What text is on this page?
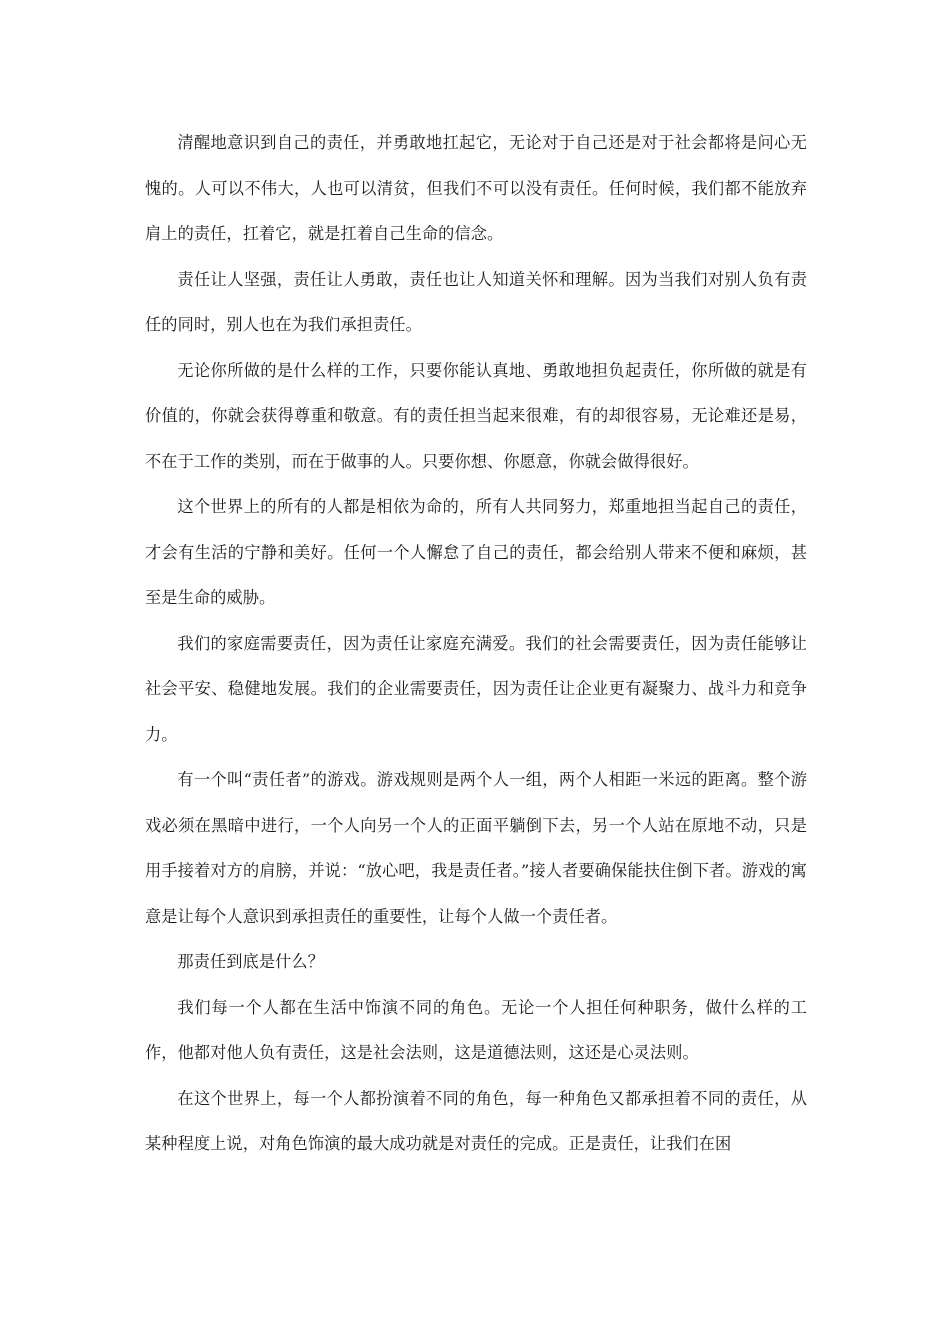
清醒地意识到自己的责任，并勇敢地扛起它，无论对于自己还是对于社会都将是问心无愧的。人可以不伟大，人也可以清贫，但我们不可以没有责任。任何时候，我们都不能放弃肩上的责任，扛着它，就是扛着自己生命的信念。

责任让人坚强，责任让人勇敢，责任也让人知道关怀和理解。因为当我们对别人负有责任的同时，别人也在为我们承担责任。

无论你所做的是什么样的工作，只要你能认真地、勇敢地担负起责任，你所做的就是有价值的，你就会获得尊重和敬意。有的责任担当起来很难，有的却很容易，无论难还是易，不在于工作的类别，而在于做事的人。只要你想、你愿意，你就会做得很好。

这个世界上的所有的人都是相依为命的，所有人共同努力，郑重地担当起自己的责任，才会有生活的宁静和美好。任何一个人懈怠了自己的责任，都会给别人带来不便和麻烦，甚至是生命的威胁。

我们的家庭需要责任，因为责任让家庭充满爱。我们的社会需要责任，因为责任能够让社会平安、稳健地发展。我们的企业需要责任，因为责任让企业更有凝聚力、战斗力和竞争力。

有一个叫“责任者”的游戏。游戏规则是两个人一组，两个人相距一米远的距离。整个游戏必须在黑暗中进行，一个人向另一个人的正面平躺倒下去，另一个人站在原地不动，只是用手接着对方的肩膀，并说：“放心吧，我是责任者。”接人者要确保能扶住倒下者。游戏的寓意是让每个人意识到承担责任的重要性，让每个人做一个责任者。

那责任到底是什么？

我们每一个人都在生活中饰演不同的角色。无论一个人担任何种职务，做什么样的工作，他都对他人负有责任，这是社会法则，这是道德法则，这还是心灵法则。

在这个世界上，每一个人都扮演着不同的角色，每一种角色又都承担着不同的责任，从某种程度上说，对角色饰演的最大成功就是对责任的完成。正是责任，让我们在困
